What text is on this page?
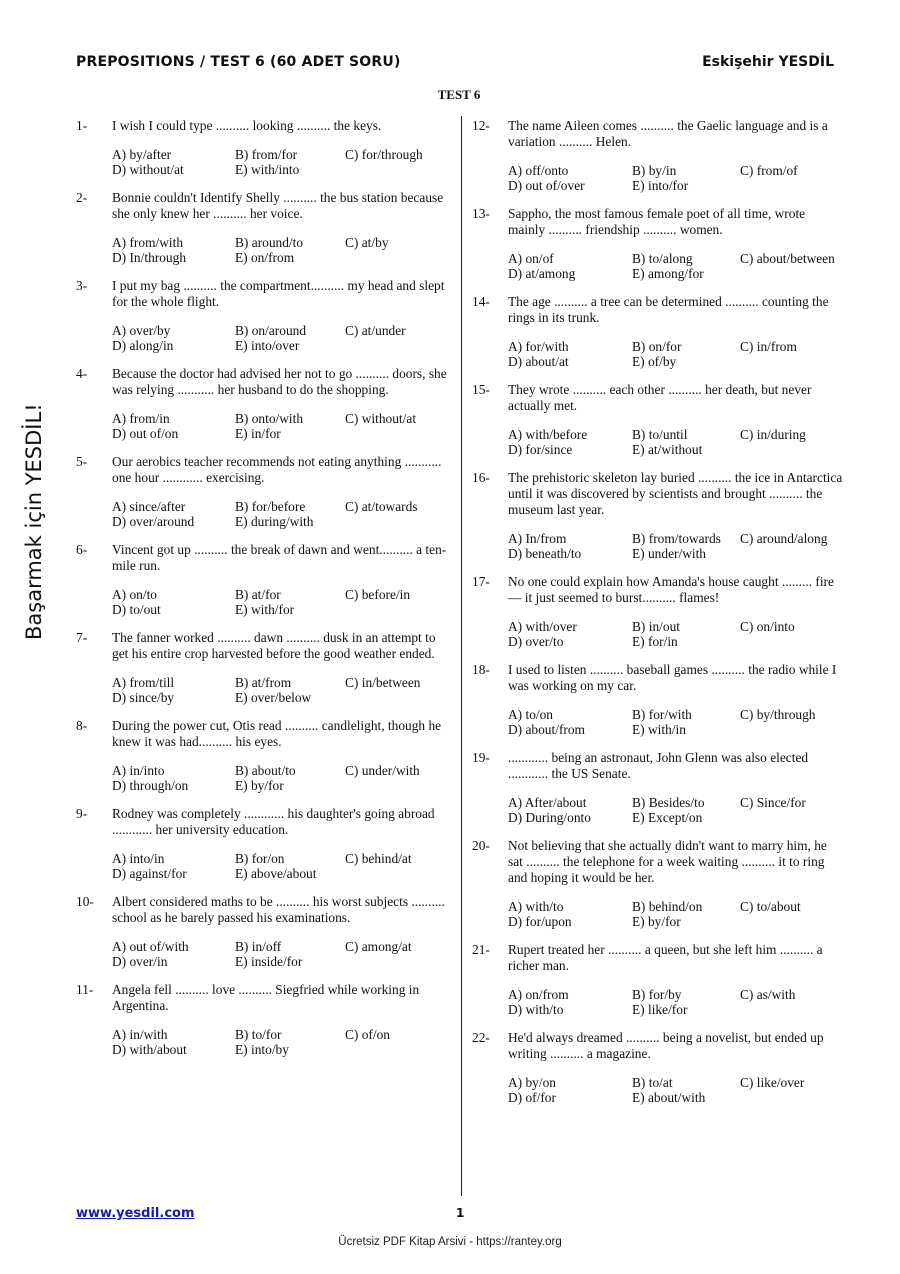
PREPOSITIONS / TEST 6 (60 ADET SORU)	Eskişehir YESDİL
TEST 6
Başarmak için YESDİL!
1-	I wish I could type .......... looking .......... the keys.
A) by/after	B) from/for	C) for/through
D) without/at	E) with/into
2-	Bonnie couldn't Identify Shelly .......... the bus station because she only knew her .......... her voice.
A) from/with	B) around/to	C) at/by
D) In/through	E) on/from
3-	I put my bag .......... the compartment.......... my head and slept for the whole flight.
A) over/by	B) on/around	C) at/under
D) along/in	E) into/over
4-	Because the doctor had advised her not to go .......... doors, she was relying ........... her husband to do the shopping.
A) from/in	B) onto/with	C) without/at
D) out of/on	E) in/for
5-	Our aerobics teacher recommends not eating anything ........... one hour ............ exercising.
A) since/after	B) for/before	C) at/towards
D) over/around	E) during/with
6-	Vincent got up .......... the break of dawn and went.......... a ten-mile run.
A) on/to	B) at/for	C) before/in
D) to/out	E) with/for
7-	The fanner worked .......... dawn .......... dusk in an attempt to get his entire crop harvested before the good weather ended.
A) from/till	B) at/from	C) in/between
D) since/by	E) over/below
8-	During the power cut, Otis read .......... candlelight, though he knew it was had.......... his eyes.
A) in/into	B) about/to	C) under/with
D) through/on	E) by/for
9-	Rodney was completely ............ his daughter's going abroad ............ her university education.
A) into/in	B) for/on	C) behind/at
D) against/for	E) above/about
10-	Albert considered maths to be .......... his worst subjects .......... school as he barely passed his examinations.
A) out of/with	B) in/off	C) among/at
D) over/in	E) inside/for
11-	Angela fell .......... love .......... Siegfried while working in Argentina.
A) in/with	B) to/for	C) of/on
D) with/about	E) into/by
12-	The name Aileen comes .......... the Gaelic language and is a variation .......... Helen.
A) off/onto	B) by/in	C) from/of
D) out of/over	E) into/for
13-	Sappho, the most famous female poet of all time, wrote mainly .......... friendship .......... women.
A) on/of	B) to/along	C) about/between
D) at/among	E) among/for
14-	The age .......... a tree can be determined .......... counting the rings in its trunk.
A) for/with	B) on/for	C) in/from
D) about/at	E) of/by
15-	They wrote .......... each other .......... her death, but never actually met.
A) with/before	B) to/until	C) in/during
D) for/since	E) at/without
16-	The prehistoric skeleton lay buried .......... the ice in Antarctica until it was discovered by scientists and brought .......... the museum last year.
A) In/from	B) from/towards	C) around/along
D) beneath/to	E) under/with
17-	No one could explain how Amanda's house caught ......... fire — it just seemed to burst.......... flames!
A) with/over	B) in/out	C) on/into
D) over/to	E) for/in
18-	I used to listen .......... baseball games .......... the radio while I was working on my car.
A) to/on	B) for/with	C) by/through
D) about/from	E) with/in
19-	............ being an astronaut, John Glenn was also elected ............ the US Senate.
A) After/about	B) Besides/to	C) Since/for
D) During/onto	E) Except/on
20-	Not believing that she actually didn't want to marry him, he sat .......... the telephone for a week waiting .......... it to ring and hoping it would be her.
A) with/to	B) behind/on	C) to/about
D) for/upon	E) by/for
21-	Rupert treated her .......... a queen, but she left him .......... a richer man.
A) on/from	B) for/by	C) as/with
D) with/to	E) like/for
22-	He'd always dreamed .......... being a novelist, but ended up writing .......... a magazine.
A) by/on	B) to/at	C) like/over
D) of/for	E) about/with
www.yesdil.com	1
Ücretsiz PDF Kitap Arsivi - https://rantey.org
